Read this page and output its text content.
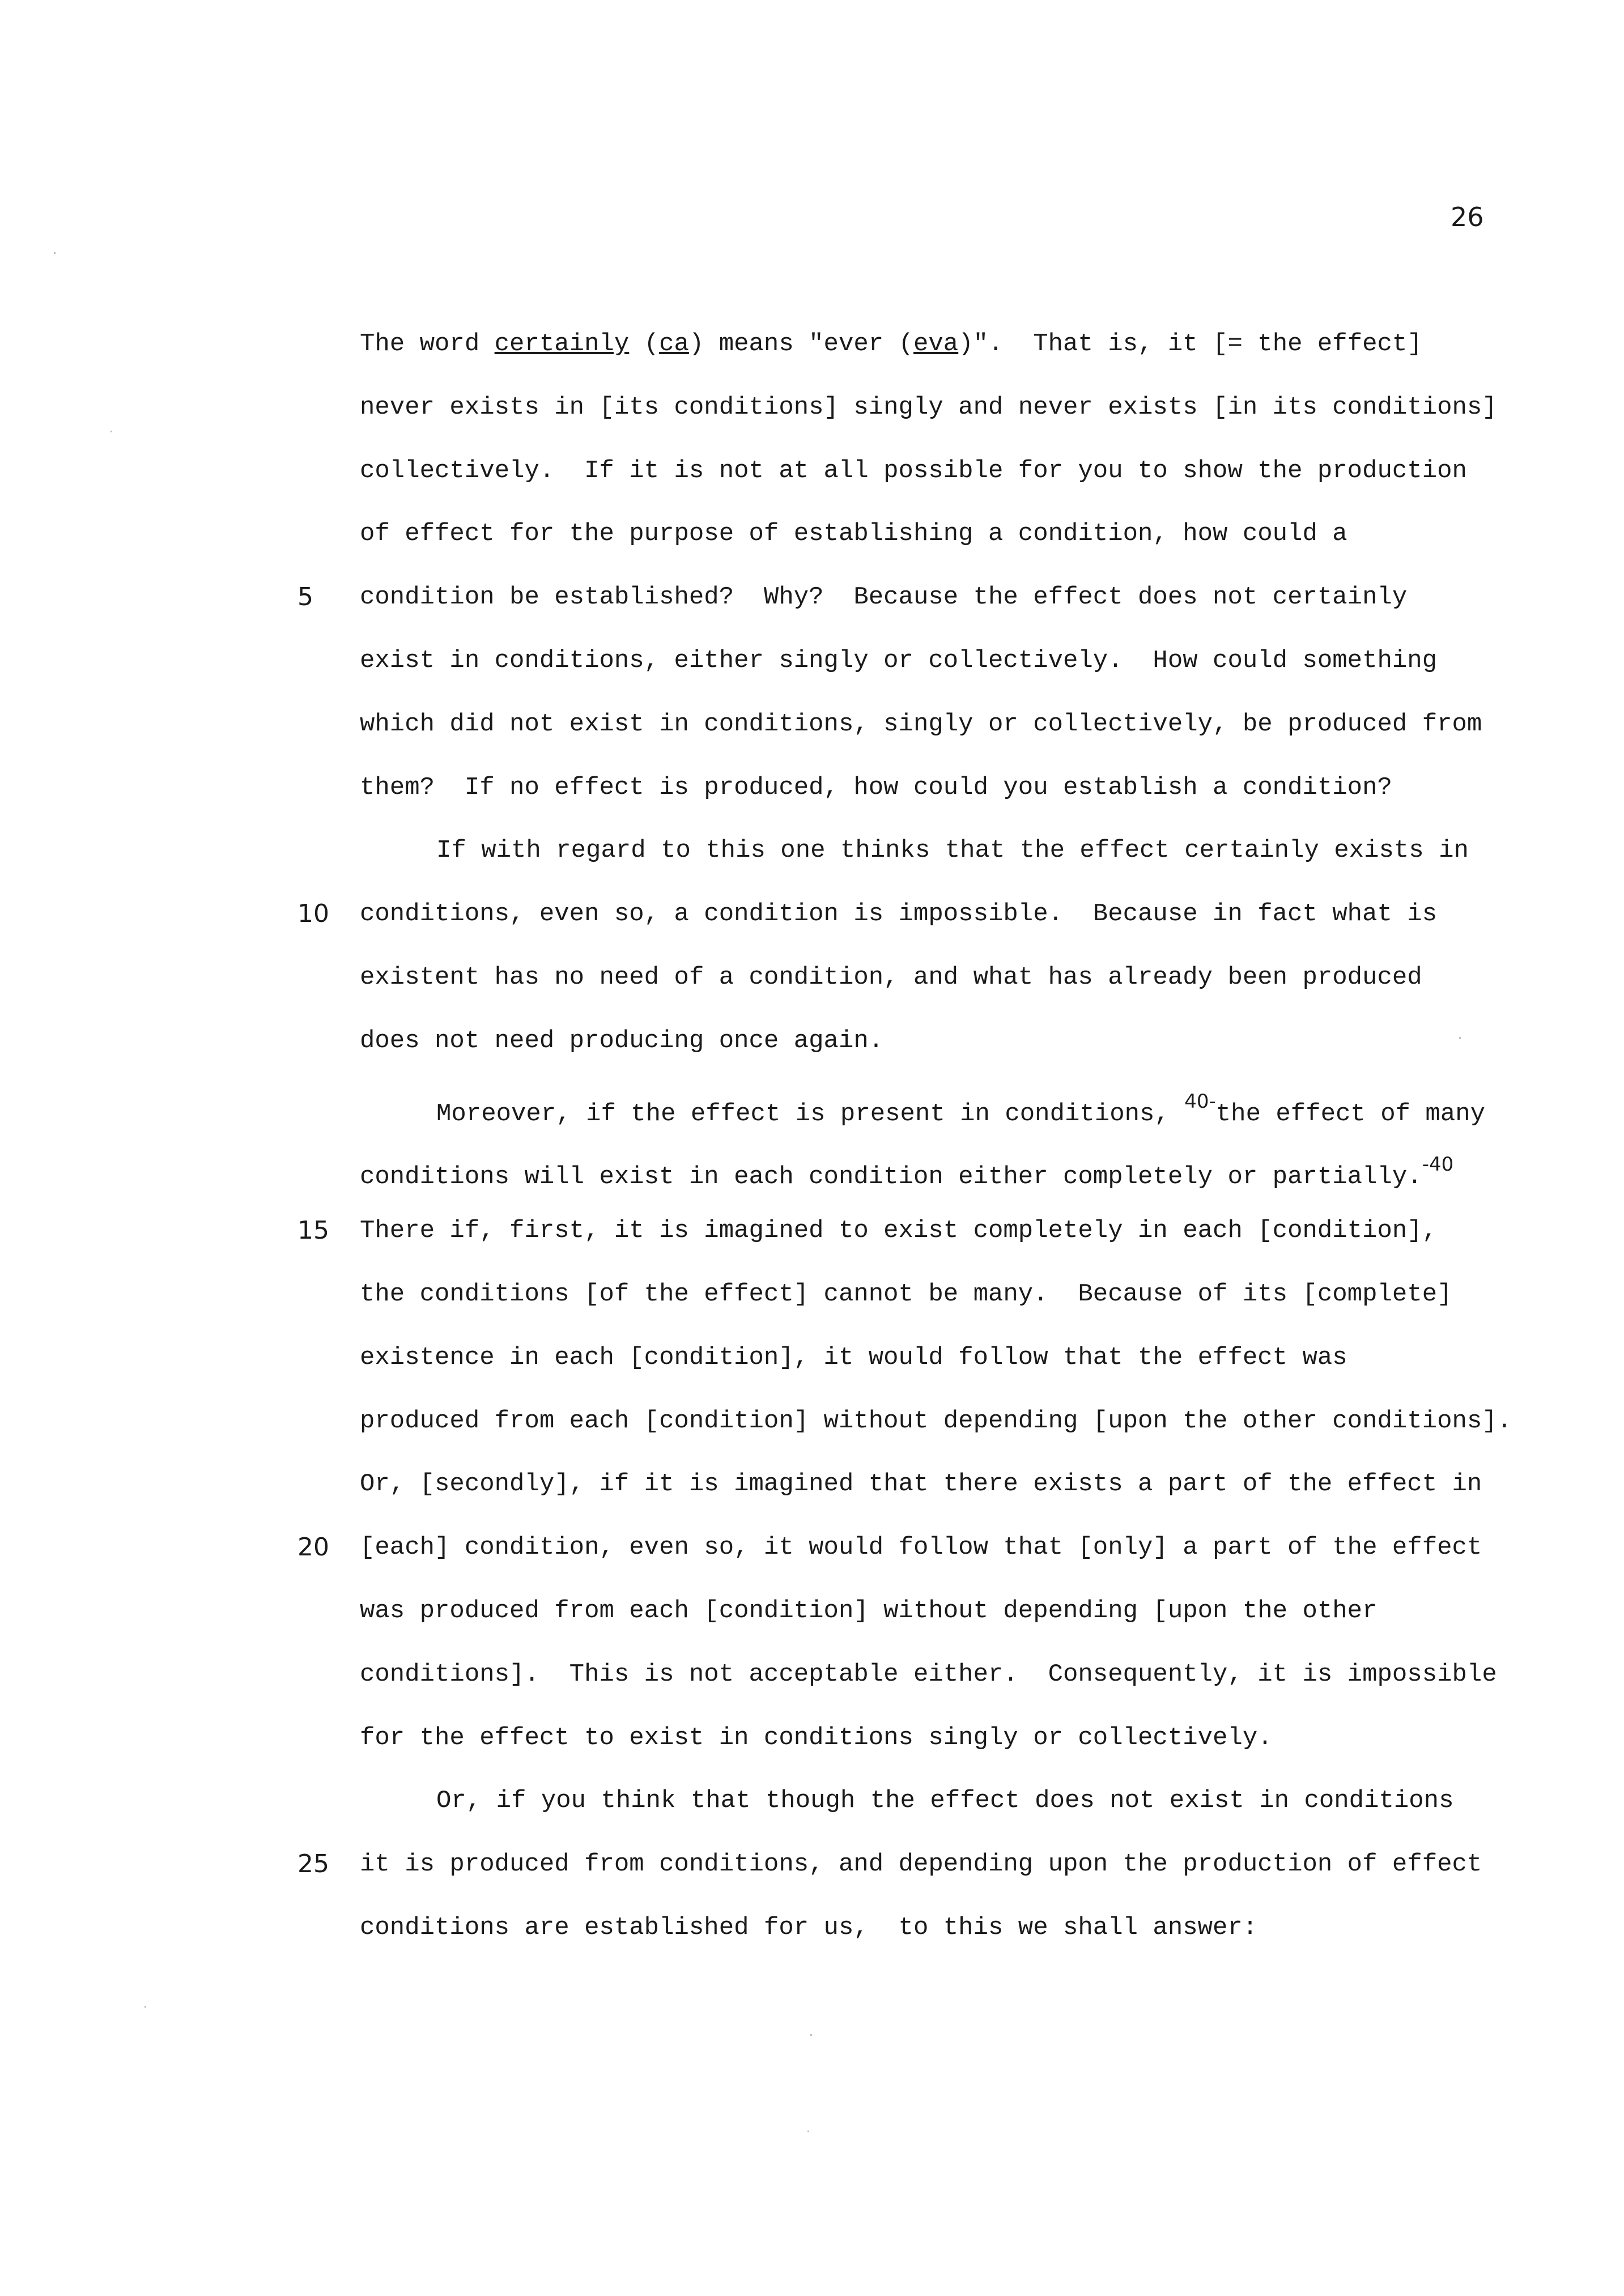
26
The word certainly (ca) means "ever (eva)".  That is, it [= the effect]
never exists in [its conditions] singly and never exists [in its conditions]
collectively.  If it is not at all possible for you to show the production
of effect for the purpose of establishing a condition, how could a
5	condition be established?  Why?  Because the effect does not certainly
exist in conditions, either singly or collectively.  How could something
which did not exist in conditions, singly or collectively, be produced from
them?  If no effect is produced, how could you establish a condition?
If with regard to this one thinks that the effect certainly exists in
10	conditions, even so, a condition is impossible.  Because in fact what is
existent has no need of a condition, and what has already been produced
does not need producing once again.
Moreover, if the effect is present in conditions, $^{40-}$the effect of many
conditions will exist in each condition either completely or partially.$^{-40}$
15	There if, first, it is imagined to exist completely in each [condition],
the conditions [of the effect] cannot be many.  Because of its [complete]
existence in each [condition], it would follow that the effect was
produced from each [condition] without depending [upon the other conditions].
Or, [secondly], if it is imagined that there exists a part of the effect in
20	[each] condition, even so, it would follow that [only] a part of the effect
was produced from each [condition] without depending [upon the other
conditions].  This is not acceptable either.  Consequently, it is impossible
for the effect to exist in conditions singly or collectively.
Or, if you think that though the effect does not exist in conditions
25	it is produced from conditions, and depending upon the production of effect
conditions are established for us,  to this we shall answer:
